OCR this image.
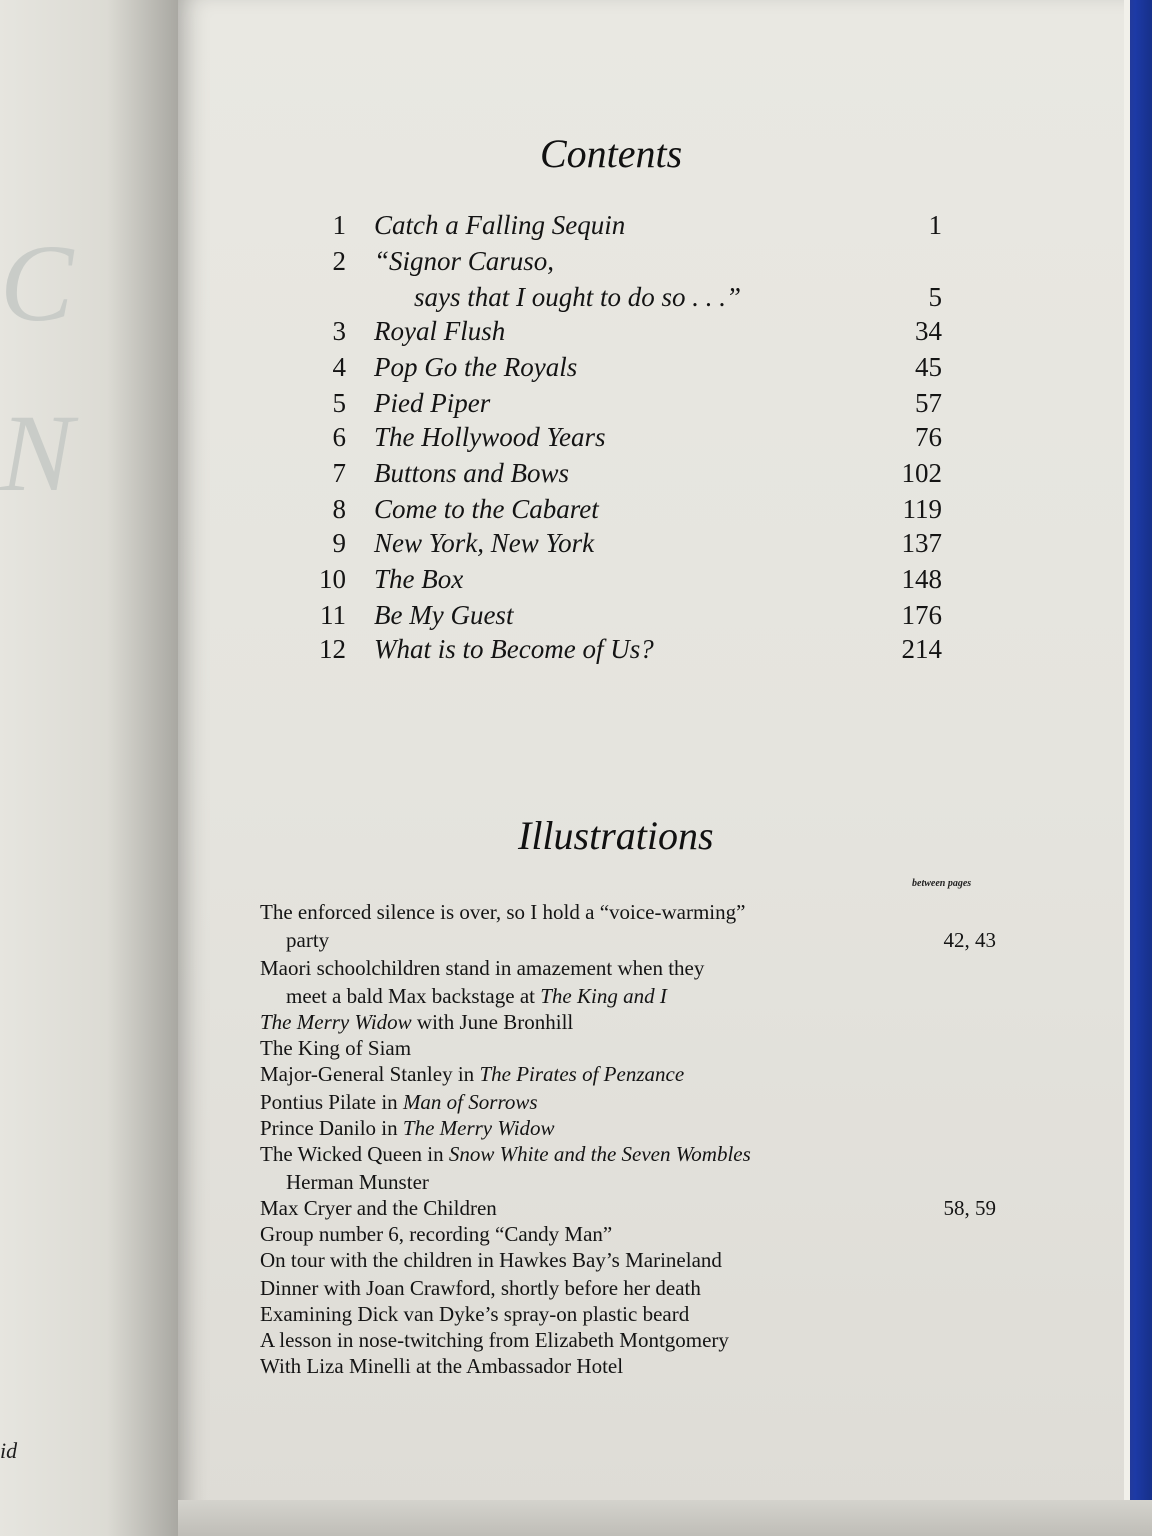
C
N
id
Contents
1 Catch a Falling Sequin	1
2 “Signor Caruso,
says that I ought to do so . . .”	5
3 Royal Flush	34
4 Pop Go the Royals	45
5 Pied Piper	57
6 The Hollywood Years	76
7 Buttons and Bows	102
8 Come to the Cabaret	119
9 New York, New York	137
10 The Box	148
11 Be My Guest	176
12 What is to Become of Us?	214
Illustrations
between pages
The enforced silence is over, so I hold a “voice-warming”
party	42, 43
Maori schoolchildren stand in amazement when they
meet a bald Max backstage at The King and I
The Merry Widow with June Bronhill
The King of Siam
Major-General Stanley in The Pirates of Penzance
Pontius Pilate in Man of Sorrows
Prince Danilo in The Merry Widow
The Wicked Queen in Snow White and the Seven Wombles
Herman Munster
Max Cryer and the Children	58, 59
Group number 6, recording “Candy Man”
On tour with the children in Hawkes Bay’s Marineland
Dinner with Joan Crawford, shortly before her death
Examining Dick van Dyke’s spray-on plastic beard
A lesson in nose-twitching from Elizabeth Montgomery
With Liza Minelli at the Ambassador Hotel
